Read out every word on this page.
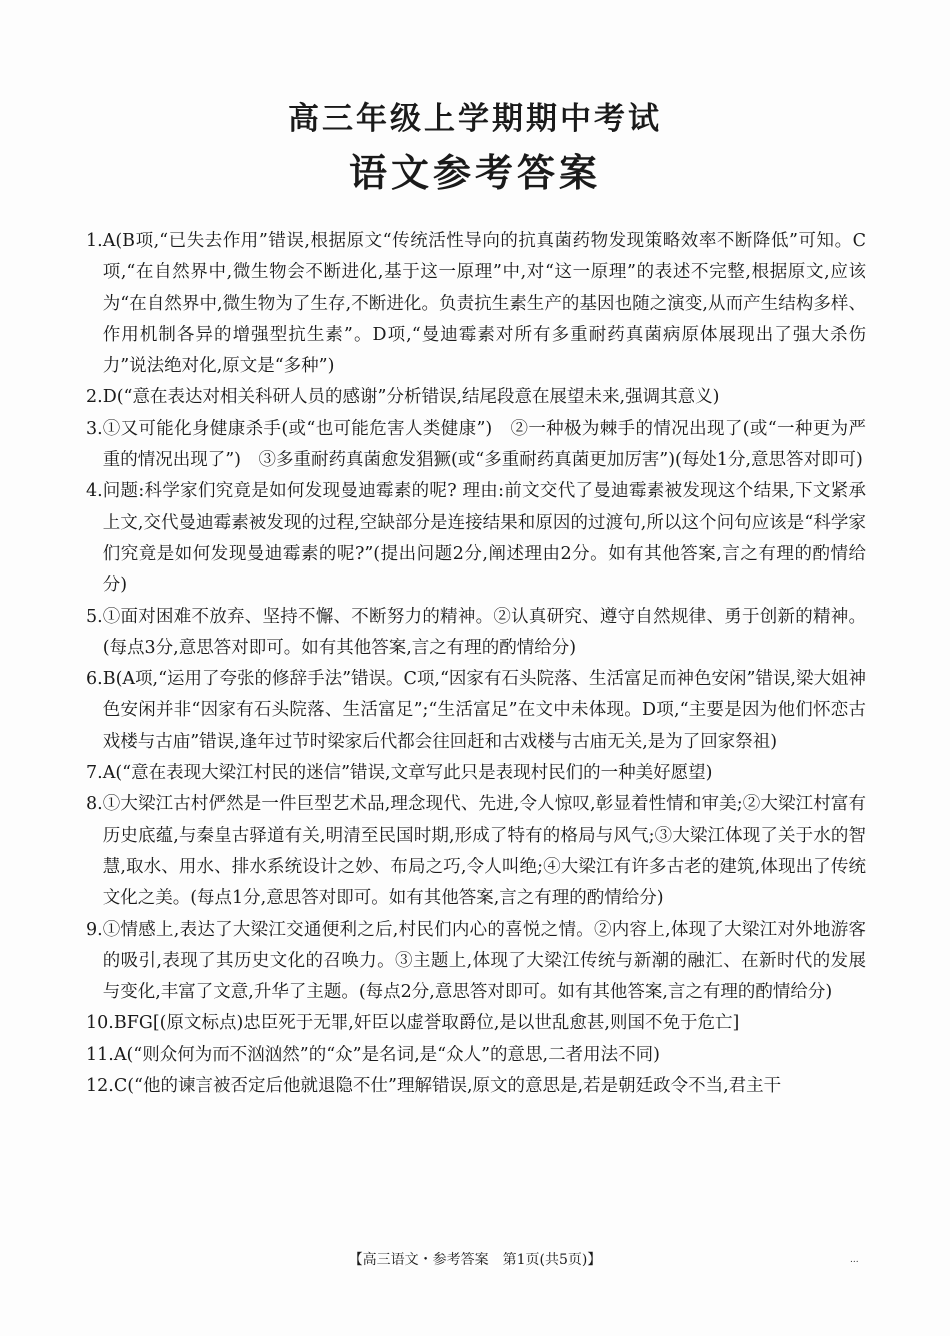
高三年级上学期期中考试
语文参考答案
1. A(B项,“已失去作用”错误,根据原文“传统活性导向的抗真菌药物发现策略效率不断降低”可知。C项,“在自然界中,微生物会不断进化,基于这一原理”中,对“这一原理”的表述不完整,根据原文,应该为“在自然界中,微生物为了生存,不断进化。负责抗生素生产的基因也随之演变,从而产生结构多样、作用机制各异的增强型抗生素”。D项,“曼迪霉素对所有多重耐药真菌病原体展现出了强大杀伤力”说法绝对化,原文是“多种”)
2. D(“意在表达对相关科研人员的感谢”分析错误,结尾段意在展望未来,强调其意义)
3. ①又可能化身健康杀手(或“也可能危害人类健康”)　②一种极为棘手的情况出现了(或“一种更为严重的情况出现了”)　③多重耐药真菌愈发猖獗(或“多重耐药真菌更加厉害”)(每处1分,意思答对即可)
4. 问题:科学家们究竟是如何发现曼迪霉素的呢? 理由:前文交代了曼迪霉素被发现这个结果,下文紧承上文,交代曼迪霉素被发现的过程,空缺部分是连接结果和原因的过渡句,所以这个问句应该是“科学家们究竟是如何发现曼迪霉素的呢?”(提出问题2分,阐述理由2分。如有其他答案,言之有理的酌情给分)
5. ①面对困难不放弃、坚持不懈、不断努力的精神。②认真研究、遵守自然规律、勇于创新的精神。(每点3分,意思答对即可。如有其他答案,言之有理的酌情给分)
6. B(A项,“运用了夸张的修辞手法”错误。C项,“因家有石头院落、生活富足而神色安闲”错误,梁大姐神色安闲并非“因家有石头院落、生活富足”;“生活富足”在文中未体现。D项,“主要是因为他们怀恋古戏楼与古庙”错误,逢年过节时梁家后代都会往回赶和古戏楼与古庙无关,是为了回家祭祖)
7. A(“意在表现大梁江村民的迷信”错误,文章写此只是表现村民们的一种美好愿望)
8. ①大梁江古村俨然是一件巨型艺术品,理念现代、先进,令人惊叹,彰显着性情和审美;②大梁江村富有历史底蕴,与秦皇古驿道有关,明清至民国时期,形成了特有的格局与风气;③大梁江体现了关于水的智慧,取水、用水、排水系统设计之妙、布局之巧,令人叫绝;④大梁江有许多古老的建筑,体现出了传统文化之美。(每点1分,意思答对即可。如有其他答案,言之有理的酌情给分)
9. ①情感上,表达了大梁江交通便利之后,村民们内心的喜悦之情。②内容上,体现了大梁江对外地游客的吸引,表现了其历史文化的召唤力。③主题上,体现了大梁江传统与新潮的融汇、在新时代的发展与变化,丰富了文意,升华了主题。(每点2分,意思答对即可。如有其他答案,言之有理的酌情给分)
10. BFG[(原文标点)忠臣死于无罪,奸臣以虚誉取爵位,是以世乱愈甚,则国不免于危亡]
11. A(“则众何为而不汹汹然”的“众”是名词,是“众人”的意思,二者用法不同)
12. C(“他的谏言被否定后他就退隐不仕”理解错误,原文的意思是,若是朝廷政令不当,君主干
【高三语文・参考答案　第1页(共5页)】	...
